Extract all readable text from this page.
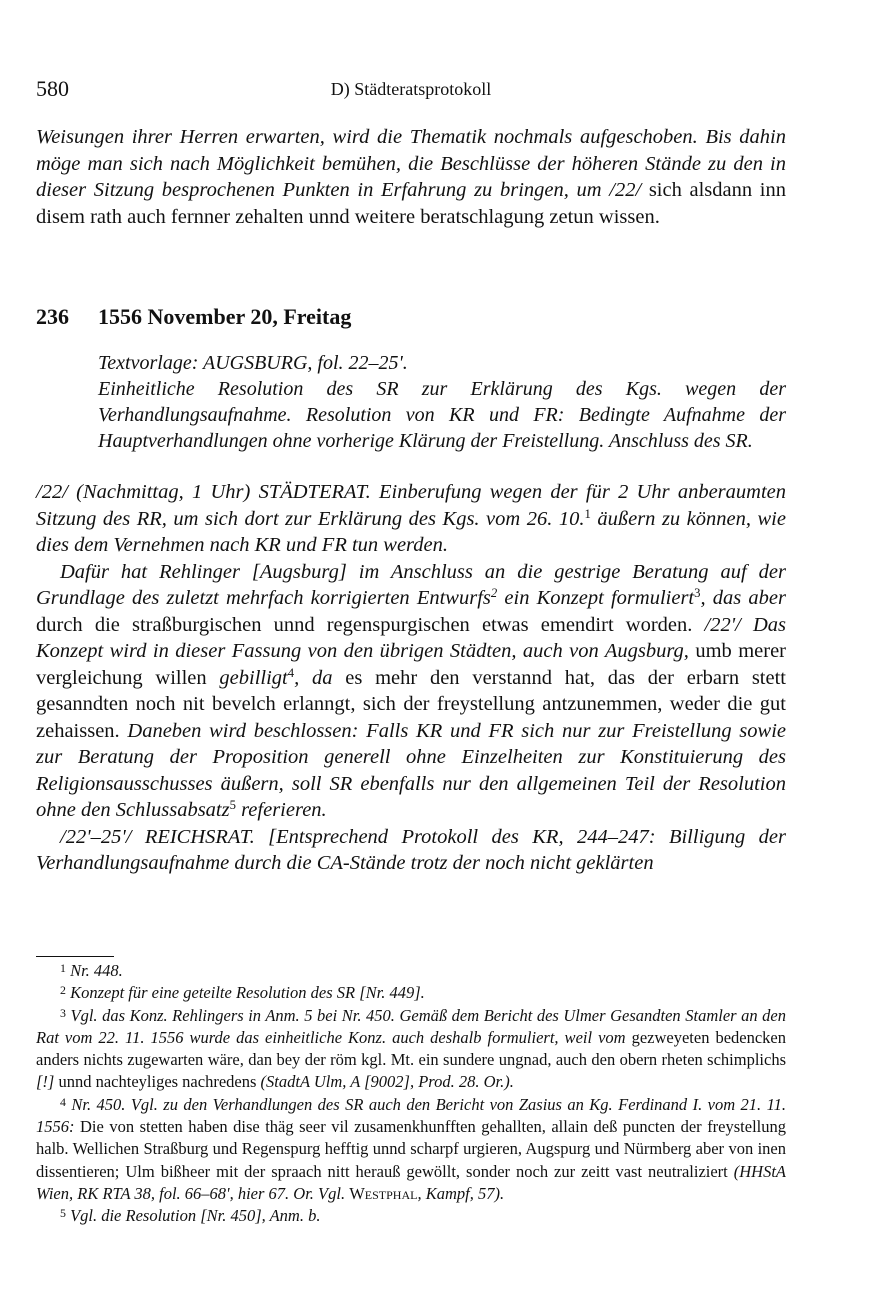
580	D) Städteratsprotokoll

Weisungen ihrer Herren erwarten, wird die Thematik nochmals aufgeschoben. Bis dahin möge man sich nach Möglichkeit bemühen, die Beschlüsse der höheren Stände zu den in dieser Sitzung besprochenen Punkten in Erfahrung zu bringen, um /22/ sich alsdann inn disem rath auch fernner zehalten unnd weitere beratschlagung zetun wissen.

236 1556 November 20, Freitag
Textvorlage: AUGSBURG, fol. 22–25'.
Einheitliche Resolution des SR zur Erklärung des Kgs. wegen der Verhandlungsaufnahme. Resolution von KR und FR: Bedingte Aufnahme der Hauptverhandlungen ohne vorherige Klärung der Freistellung. Anschluss des SR.

/22/ (Nachmittag, 1 Uhr) STÄDTERAT. Einberufung wegen der für 2 Uhr anberaumten Sitzung des RR, um sich dort zur Erklärung des Kgs. vom 26. 10.$^1$ äußern zu können, wie dies dem Vernehmen nach KR und FR tun werden.

Dafür hat Rehlinger [Augsburg] im Anschluss an die gestrige Beratung auf der Grundlage des zuletzt mehrfach korrigierten Entwurfs$^2$ ein Konzept formuliert$^3$, das aber durch die straßburgischen unnd regenspurgischen etwas emendirt worden. /22'/ Das Konzept wird in dieser Fassung von den übrigen Städten, auch von Augsburg, umb merer vergleichung willen gebilligt$^4$, da es mehr den verstannd hat, das der erbarn stett gesanndten noch nit bevelch erlanngt, sich der freystellung antzunemmen, weder die gut zehaissen. Daneben wird beschlossen: Falls KR und FR sich nur zur Freistellung sowie zur Beratung der Proposition generell ohne Einzelheiten zur Konstituierung des Religionsausschusses äußern, soll SR ebenfalls nur den allgemeinen Teil der Resolution ohne den Schlussabsatz$^5$ referieren.

/22'–25'/ REICHSRAT. [Entsprechend Protokoll des KR, 244–247: Billigung der Verhandlungsaufnahme durch die CA-Stände trotz der noch nicht geklärten

$^1$ Nr. 448.

$^2$ Konzept für eine geteilte Resolution des SR [Nr. 449].

$^3$ Vgl. das Konz. Rehlingers in Anm. 5 bei Nr. 450. Gemäß dem Bericht des Ulmer Gesandten Stamler an den Rat vom 22. 11. 1556 wurde das einheitliche Konz. auch deshalb formuliert, weil vom gezweyeten bedencken anders nichts zugewarten wäre, dan bey der röm kgl. Mt. ein sundere ungnad, auch den obern rheten schimplichs [!] unnd nachteyliges nachredens (StadtA Ulm, A [9002], Prod. 28. Or.).

$^4$ Nr. 450. Vgl. zu den Verhandlungen des SR auch den Bericht von Zasius an Kg. Ferdinand I. vom 21. 11. 1556: Die von stetten haben dise thäg seer vil zusamenkhunfften gehallten, allain deß puncten der freystellung halb. Wellichen Straßburg und Regenspurg hefftig unnd scharpf urgieren, Augspurg und Nürmberg aber von inen dissentieren; Ulm bißheer mit der spraach nitt herauß gewöllt, sonder noch zur zeitt vast neutraliziert (HHStA Wien, RK RTA 38, fol. 66–68', hier 67. Or. Vgl. Westphal, Kampf, 57).

$^5$ Vgl. die Resolution [Nr. 450], Anm. b.
